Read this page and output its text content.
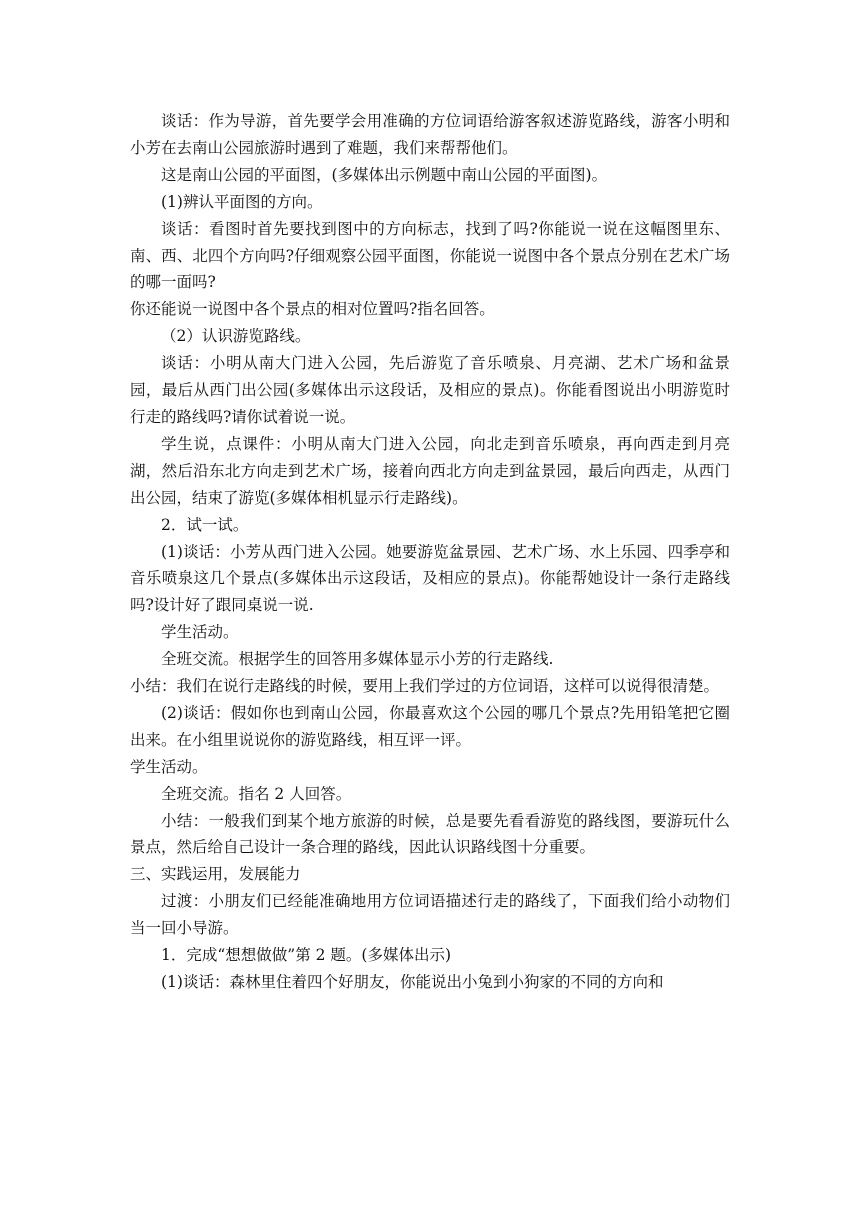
谈话：作为导游，首先要学会用准确的方位词语给游客叙述游览路线，游客小明和小芳在去南山公园旅游时遇到了难题，我们来帮帮他们。

这是南山公园的平面图，(多媒体出示例题中南山公园的平面图)。

(1)辨认平面图的方向。

谈话：看图时首先要找到图中的方向标志，找到了吗?你能说一说在这幅图里东、南、西、北四个方向吗?仔细观察公园平面图，你能说一说图中各个景点分别在艺术广场的哪一面吗?

你还能说一说图中各个景点的相对位置吗?指名回答。

（2）认识游览路线。

谈话：小明从南大门进入公园，先后游览了音乐喷泉、月亮湖、艺术广场和盆景园，最后从西门出公园(多媒体出示这段话，及相应的景点)。你能看图说出小明游览时行走的路线吗?请你试着说一说。

学生说，点课件：小明从南大门进入公园，向北走到音乐喷泉，再向西走到月亮湖，然后沿东北方向走到艺术广场，接着向西北方向走到盆景园，最后向西走，从西门出公园，结束了游览(多媒体相机显示行走路线)。

2．试一试。

(1)谈话：小芳从西门进入公园。她要游览盆景园、艺术广场、水上乐园、四季亭和音乐喷泉这几个景点(多媒体出示这段话，及相应的景点)。你能帮她设计一条行走路线吗?设计好了跟同桌说一说.

学生活动。

全班交流。根据学生的回答用多媒体显示小芳的行走路线.

小结：我们在说行走路线的时候，要用上我们学过的方位词语，这样可以说得很清楚。

(2)谈话：假如你也到南山公园，你最喜欢这个公园的哪几个景点?先用铅笔把它圈出来。在小组里说说你的游览路线，相互评一评。

学生活动。

全班交流。指名 2 人回答。

小结：一般我们到某个地方旅游的时候，总是要先看看游览的路线图，要游玩什么景点，然后给自己设计一条合理的路线，因此认识路线图十分重要。

三、实践运用，发展能力

过渡：小朋友们已经能准确地用方位词语描述行走的路线了，下面我们给小动物们当一回小导游。

1．完成“想想做做”第 2 题。(多媒体出示)

(1)谈话：森林里住着四个好朋友，你能说出小兔到小狗家的不同的方向和
